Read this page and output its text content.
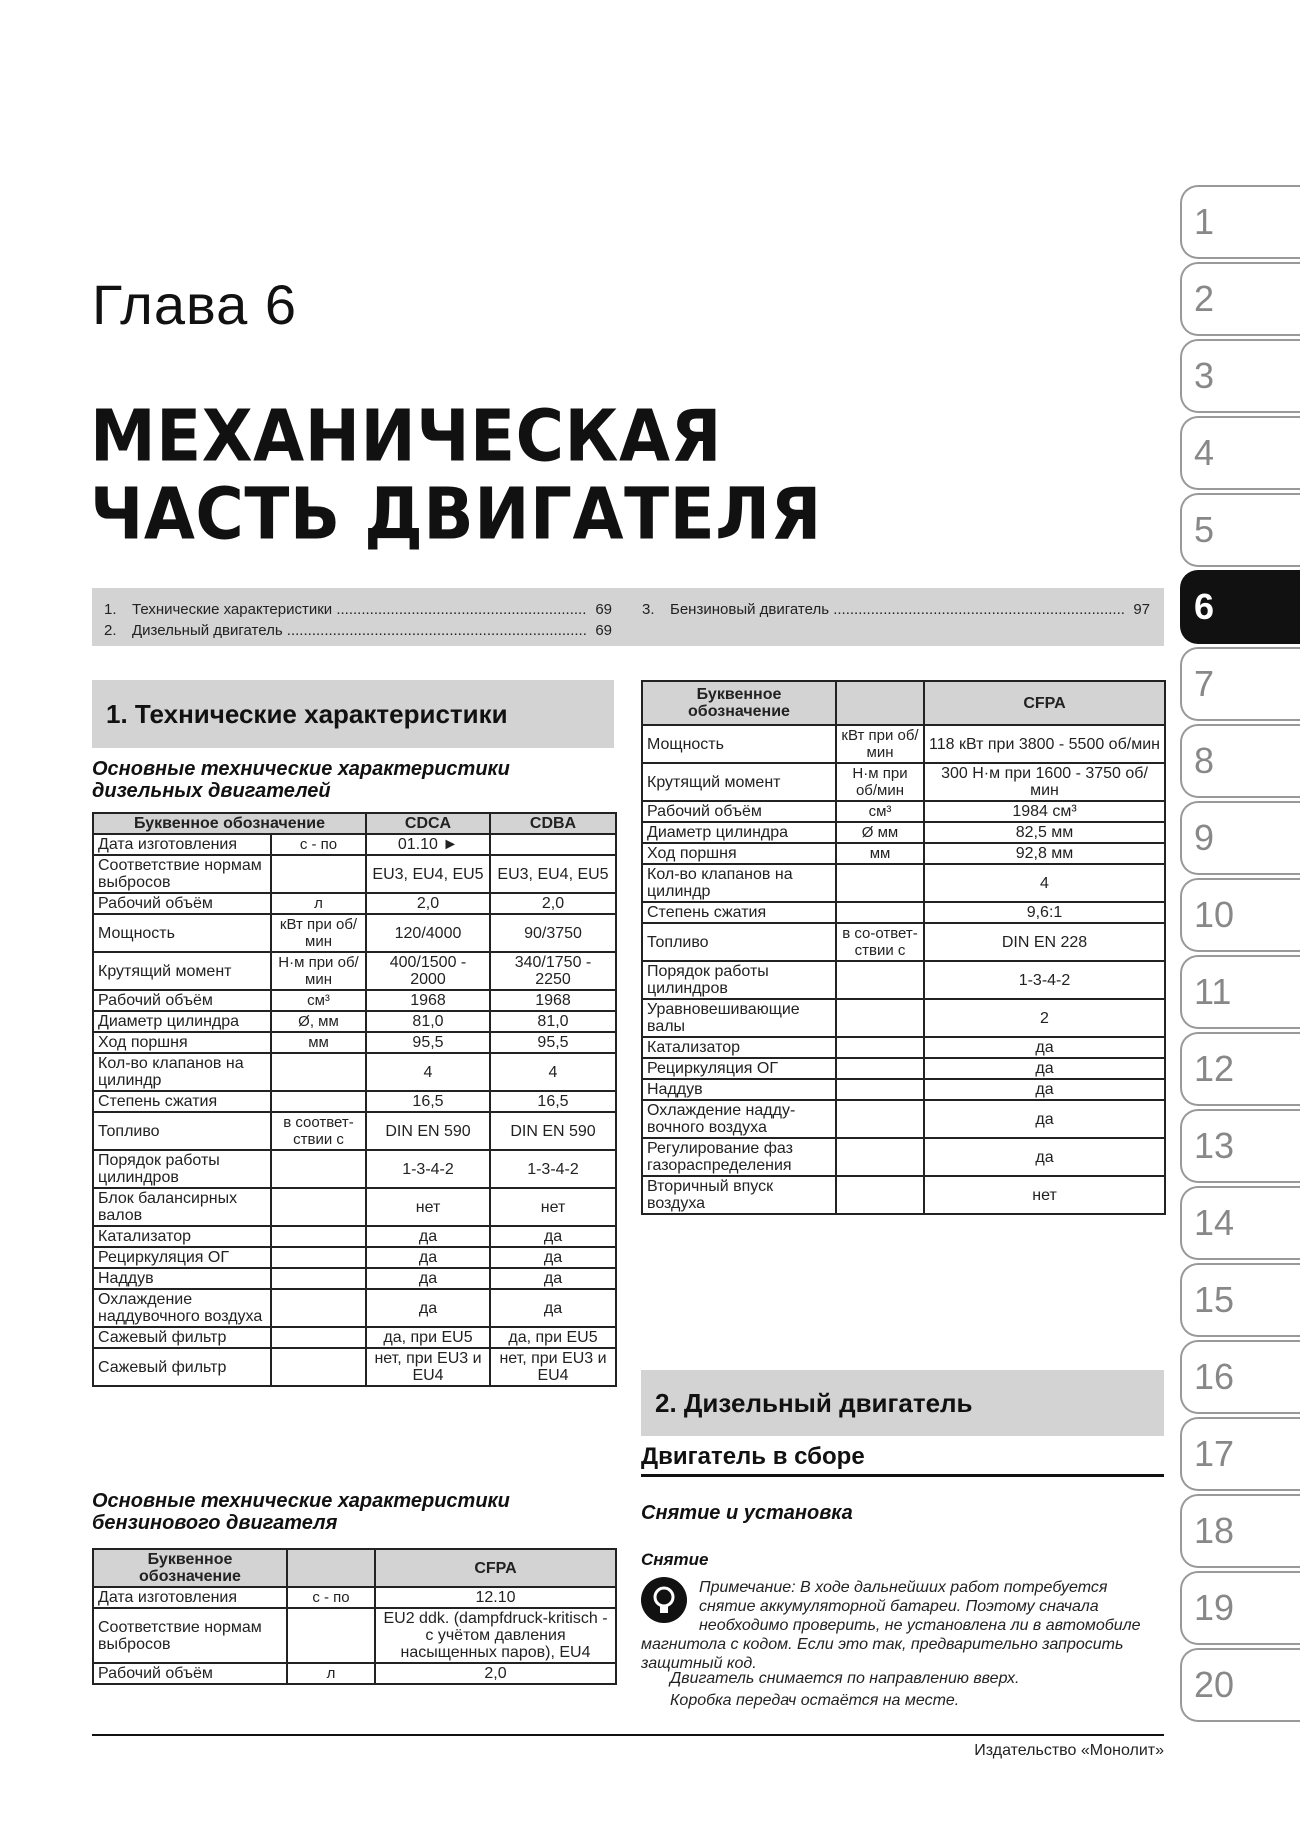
Глава 6
МЕХАНИЧЕСКАЯ
ЧАСТЬ ДВИГАТЕЛЯ
1.	Технические характеристики .....	69
2.	Дизельный двигатель .....	69
3.	Бензиновый двигатель .....	97
1. Технические характеристики
Основные технические характеристики дизельных двигателей
Буквенное обозначение		CDCA	CDBA
Дата изготовления	с - по	01.10 ►	
Соответствие нормам выбросов		EU3, EU4, EU5	EU3, EU4, EU5
Рабочий объём	л	2,0	2,0
Мощность	кВт при об/мин	120/4000	90/3750
Крутящий момент	Н·м при об/мин	400/1500 - 2000	340/1750 - 2250
Рабочий объём	см³	1968	1968
Диаметр цилиндра	Ø, мм	81,0	81,0
Ход поршня	мм	95,5	95,5
Кол-во клапанов на цилиндр		4	4
Степень сжатия		16,5	16,5
Топливо	в соответ-ствии с	DIN EN 590	DIN EN 590
Порядок работы цилиндров		1-3-4-2	1-3-4-2
Блок балансирных валов		нет	нет
Катализатор		да	да
Рециркуляция ОГ		да	да
Наддув		да	да
Охлаждение наддувочного воздуха		да	да
Сажевый фильтр		да, при EU5	да, при EU5
Сажевый фильтр		нет, при EU3 и EU4	нет, при EU3 и EU4
Основные технические характеристики бензинового двигателя
Буквенное обозначение		CFPA
Дата изготовления	с - по	12.10
Соответствие нормам выбросов		EU2 ddk. (dampfdruck-kritisch - с учётом давления насыщенных паров), EU4
Рабочий объём	л	2,0
Буквенное обозначение		CFPA
Мощность	кВт при об/мин	118 кВт при 3800 - 5500 об/мин
Крутящий момент	Н·м при об/мин	300 Н·м при 1600 - 3750 об/мин
Рабочий объём	см³	1984 см³
Диаметр цилиндра	Ø мм	82,5 мм
Ход поршня	мм	92,8 мм
Кол-во клапанов на цилиндр		4
Степень сжатия		9,6:1
Топливо	в со-ответ-ствии с	DIN EN 228
Порядок работы цилиндров		1-3-4-2
Уравновешивающие валы		2
Катализатор		да
Рециркуляция ОГ		да
Наддув		да
Охлаждение надду-вочного воздуха		да
Регулирование фаз газораспределения		да
Вторичный впуск воздуха		нет
2. Дизельный двигатель
Двигатель в сборе
Снятие и установка
Снятие
Примечание: В ходе дальнейших работ потребуется снятие аккумуляторной батареи. Поэтому сначала необходимо проверить, не установлена ли в автомобиле магнитола с кодом. Если это так, предварительно запросить защитный код.
Двигатель снимается по направлению вверх.
Коробка передач остаётся на месте.
Издательство «Монолит»
1
2
3
4
5
6
7
8
9
10
11
12
13
14
15
16
17
18
19
20
